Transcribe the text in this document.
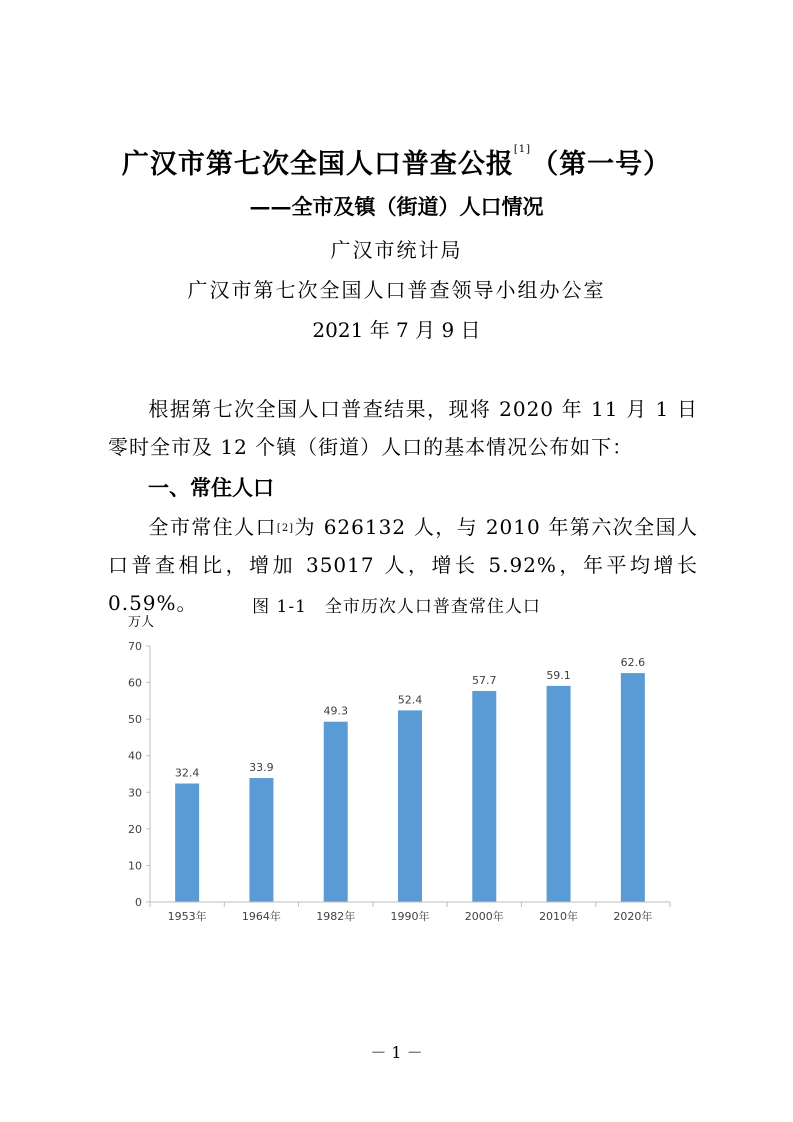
广汉市第七次全国人口普查公报[1]（第一号）
——全市及镇（街道）人口情况
广汉市统计局
广汉市第七次全国人口普查领导小组办公室
2021 年 7 月 9 日
根据第七次全国人口普查结果，现将 2020 年 11 月 1 日零时全市及 12 个镇（街道）人口的基本情况公布如下：
一、常住人口
全市常住人口[2]为 626132 人，与 2010 年第六次全国人口普查相比，增加 35017 人，增长 5.92%，年平均增长 0.59%。	图 1-1　全市历次人口普查常住人口
万人
0
10
20
30
40
50
60
70
32.4	33.9
49.3
52.4
57.7	59.1
62.6
1953年	1964年	1982年	1990年	2000年	2010年	2020年
－ 1 －
